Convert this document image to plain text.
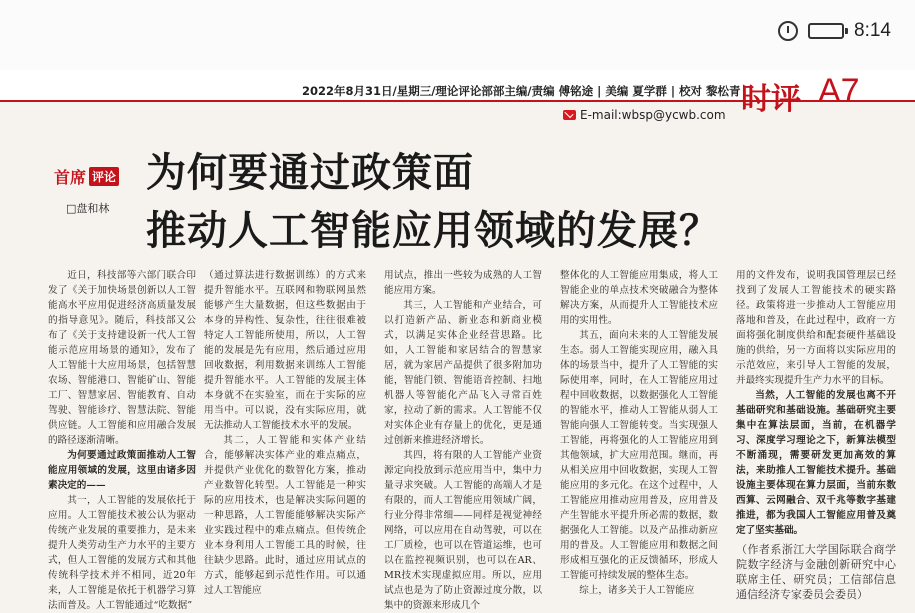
8:14
2022年8月31日/星期三/理论评论部部主编/责编 傅铭途 | 美编 夏学群 | 校对 黎松青 时评 A7
E-mail:wbsp@ycwb.com
首席 评论
□盘和林
为何要通过政策面
推动人工智能应用领域的发展？

近日，科技部等六部门联合印发了《关于加快场景创新以人工智能高水平应用促进经济高质量发展的指导意见》。随后，科技部又公布了《关于支持建设新一代人工智能示范应用场景的通知》，发布了人工智能十大应用场景，包括智慧农场、智能港口、智能矿山、智能工厂、智慧家居、智能教育、自动驾驶、智能诊疗、智慧法院、智能供应链。人工智能和应用融合发展的路径逐渐清晰。

为何要通过政策面推动人工智能应用领域的发展，这里由诸多因素决定的——

其一，人工智能的发展依托于应用。人工智能技术被公认为驱动传统产业发展的重要推力，是未来提升人类劳动生产力水平的主要方式，但人工智能的发展方式和其他传统科学技术并不相同，近20年来，人工智能是依托于机器学习算法而普及。人工智能通过“吃数据”

（通过算法进行数据训练）的方式来提升智能水平。互联网和物联网虽然能够产生大量数据，但这些数据由于本身的异构性、复杂性，往往很难被特定人工智能所使用，所以，人工智能的发展是先有应用，然后通过应用回收数据，利用数据来训练人工智能提升智能水平。人工智能的发展主体本身就不在实验室，而在于实际的应用当中。可以说，没有实际应用，就无法推动人工智能技术水平的发展。

其二，人工智能和实体产业结合，能够解决实体产业的难点痛点，并提供产业优化的数智化方案，推动产业数智化转型。人工智能是一种实际的应用技术，也是解决实际问题的一种思路，人工智能能够解决实际产业实践过程中的难点痛点。但传统企业本身利用人工智能工具的时候，往往缺少思路。此时，通过应用试点的方式，能够起到示范性作用。可以通过人工智能应

用试点，推出一些较为成熟的人工智能应用方案。

其三，人工智能和产业结合，可以打造新产品、新业态和新商业模式，以满足实体企业经营思路。比如，人工智能和家居结合的智慧家居，就为家居产品提供了很多附加功能，智能门锁、智能语音控制、扫地机器人等智能化产品飞入寻常百姓家，拉动了新的需求。人工智能不仅对实体企业有存量上的优化，更是通过创新来推进经济增长。

其四，将有限的人工智能产业资源定向投放到示范应用当中，集中力量寻求突破。人工智能的高端人才是有限的，而人工智能应用领域广阔，行业分得非常细——同样是视觉神经网络，可以应用在自动驾驶，可以在工厂质检，也可以在管道运维，也可以在监控视频识别，也可以在AR、MR技术实现虚拟应用。所以，应用试点也是为了防止资源过度分散，以集中的资源来形成几个

整体化的人工智能应用集成，将人工智能企业的单点技术突破融合为整体解决方案，从而提升人工智能技术应用的实用性。

其五，面向未来的人工智能发展生态。弱人工智能实现应用，融入具体的场景当中，提升了人工智能的实际使用率，同时，在人工智能应用过程中回收数据，以数据强化人工智能的智能水平，推动人工智能从弱人工智能向强人工智能转变。当实现强人工智能，再将强化的人工智能应用到其他领域，扩大应用范围。继而，再从相关应用中回收数据，实现人工智能应用的多元化。在这个过程中，人工智能应用推动应用普及，应用普及产生智能水平提升所必需的数据，数据强化人工智能。以及产品推动新应用的普及。人工智能应用和数据之间形成相互强化的正反馈循环，形成人工智能可持续发展的整体生态。

综上，诸多关于人工智能应

用的文件发布，说明我国管理层已经找到了发展人工智能技术的硬实路径。政策将进一步推动人工智能应用落地和普及，在此过程中，政府一方面将强化制度供给和配套硬件基础设施的供给，另一方面将以实际应用的示范效应，来引导人工智能的发展，并最终实现提升生产力水平的目标。

当然，人工智能的发展也离不开基础研究和基础设施。基础研究主要集中在算法层面，当前，在机器学习、深度学习理论之下，新算法模型不断涌现，需要研发更加高效的算法，来助推人工智能技术提升。基础设施主要体现在算力层面，当前东数西算、云网融合、双千兆等数字基建推进，都为我国人工智能应用普及奠定了坚实基础。

（作者系浙江大学国际联合商学院数字经济与金融创新研究中心联席主任、研究员；工信部信息通信经济专家委员会委员）
